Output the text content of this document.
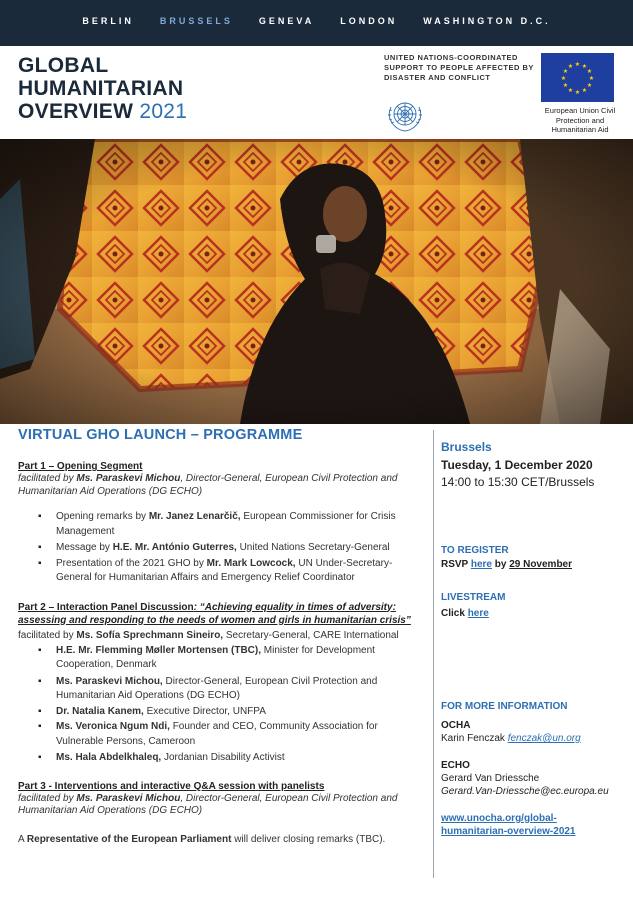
BERLIN	BRUSSELS	GENEVA	LONDON	WASHINGTON D.C.
GLOBAL
HUMANITARIAN
OVERVIEW 2021
UNITED NATIONS-COORDINATED SUPPORT TO PEOPLE AFFECTED BY DISASTER AND CONFLICT
★ ★
★
★
★
★
★
★
★
★
★
★
European Union Civil Protection and Humanitarian Aid
VIRTUAL GHO LAUNCH – PROGRAMME
Part 1 – Opening Segment
facilitated by Ms. Paraskevi Michou, Director-General, European Civil Protection and Humanitarian Aid Operations (DG ECHO)
▪ Opening remarks by Mr. Janez Lenarčič, European Commissioner for Crisis Management
▪ Message by H.E. Mr. António Guterres, United Nations Secretary-General
▪ Presentation of the 2021 GHO by Mr. Mark Lowcock, UN Under-Secretary-General for Humanitarian Affairs and Emergency Relief Coordinator
Part 2 – Interaction Panel Discussion: “Achieving equality in times of adversity: assessing and responding to the needs of women and girls in humanitarian crisis”
facilitated by Ms. Sofía Sprechmann Sineiro, Secretary-General, CARE International
▪ H.E. Mr. Flemming Møller Mortensen (TBC), Minister for Development Cooperation, Denmark
▪ Ms. Paraskevi Michou, Director-General, European Civil Protection and Humanitarian Aid Operations (DG ECHO)
▪ Dr. Natalia Kanem, Executive Director, UNFPA
▪ Ms. Veronica Ngum Ndi, Founder and CEO, Community Association for Vulnerable Persons, Cameroon
▪ Ms. Hala Abdelkhaleq, Jordanian Disability Activist
Part 3 - Interventions and interactive Q&A session with panelists
facilitated by Ms. Paraskevi Michou, Director-General, European Civil Protection and Humanitarian Aid Operations (DG ECHO)
A Representative of the European Parliament will deliver closing remarks (TBC).
Brussels
Tuesday, 1 December 2020
14:00 to 15:30 CET/Brussels
TO REGISTER
RSVP here by 29 November
LIVESTREAM
Click here
FOR MORE INFORMATION
OCHA
Karin Fenczak fenczak@un.org
ECHO
Gerard Van Driessche
Gerard.Van-Driessche@ec.europa.eu
www.unocha.org/global-humanitarian-overview-2021
